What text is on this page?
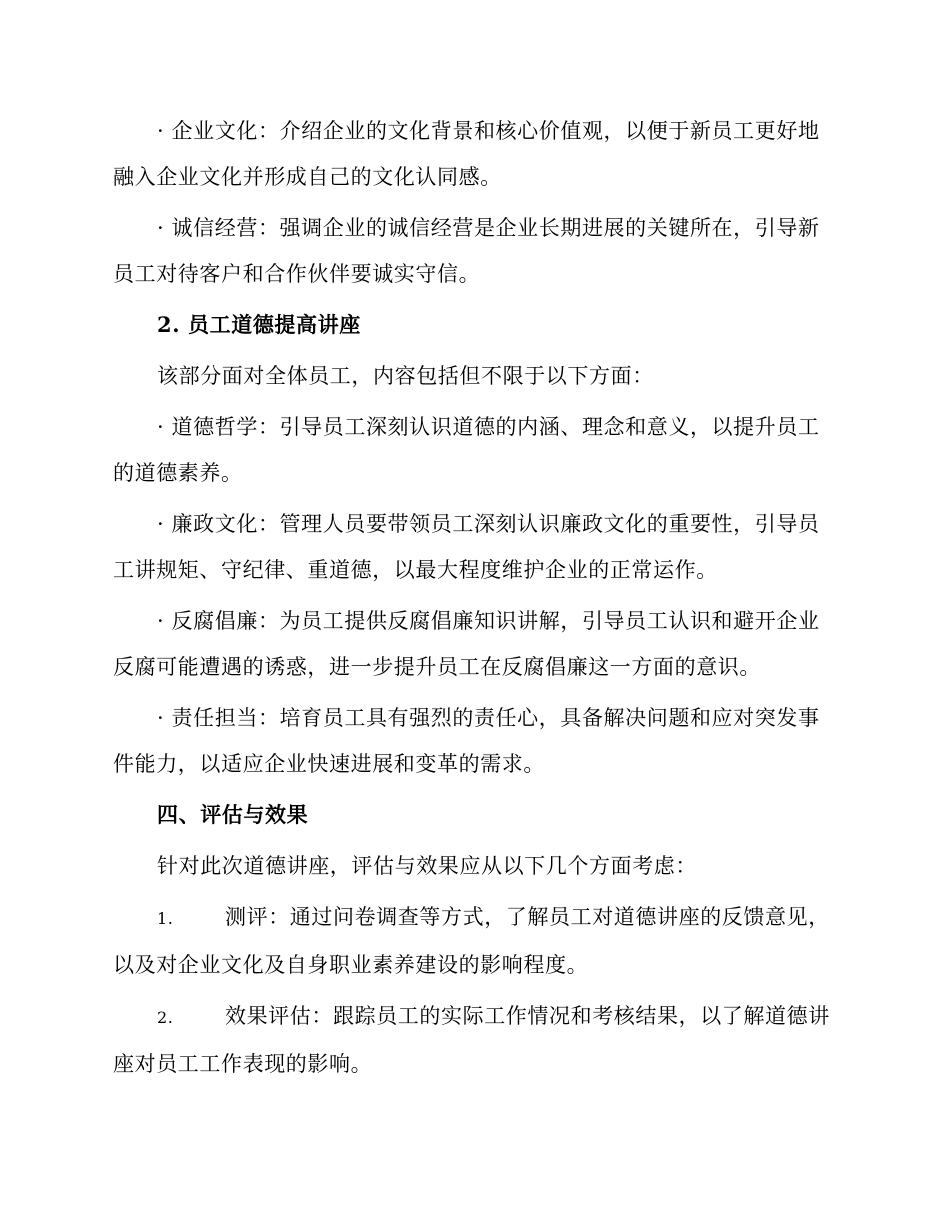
· 企业文化：介绍企业的文化背景和核心价值观，以便于新员工更好地融入企业文化并形成自己的文化认同感。

· 诚信经营：强调企业的诚信经营是企业长期进展的关键所在，引导新员工对待客户和合作伙伴要诚实守信。

2. 员工道德提高讲座

该部分面对全体员工，内容包括但不限于以下方面：

· 道德哲学：引导员工深刻认识道德的内涵、理念和意义，以提升员工的道德素养。

· 廉政文化：管理人员要带领员工深刻认识廉政文化的重要性，引导员工讲规矩、守纪律、重道德，以最大程度维护企业的正常运作。

· 反腐倡廉：为员工提供反腐倡廉知识讲解，引导员工认识和避开企业反腐可能遭遇的诱惑，进一步提升员工在反腐倡廉这一方面的意识。

· 责任担当：培育员工具有强烈的责任心，具备解决问题和应对突发事件能力，以适应企业快速进展和变革的需求。

四、评估与效果

针对此次道德讲座，评估与效果应从以下几个方面考虑：

1. 测评：通过问卷调查等方式，了解员工对道德讲座的反馈意见，以及对企业文化及自身职业素养建设的影响程度。

2. 效果评估：跟踪员工的实际工作情况和考核结果，以了解道德讲座对员工工作表现的影响。
